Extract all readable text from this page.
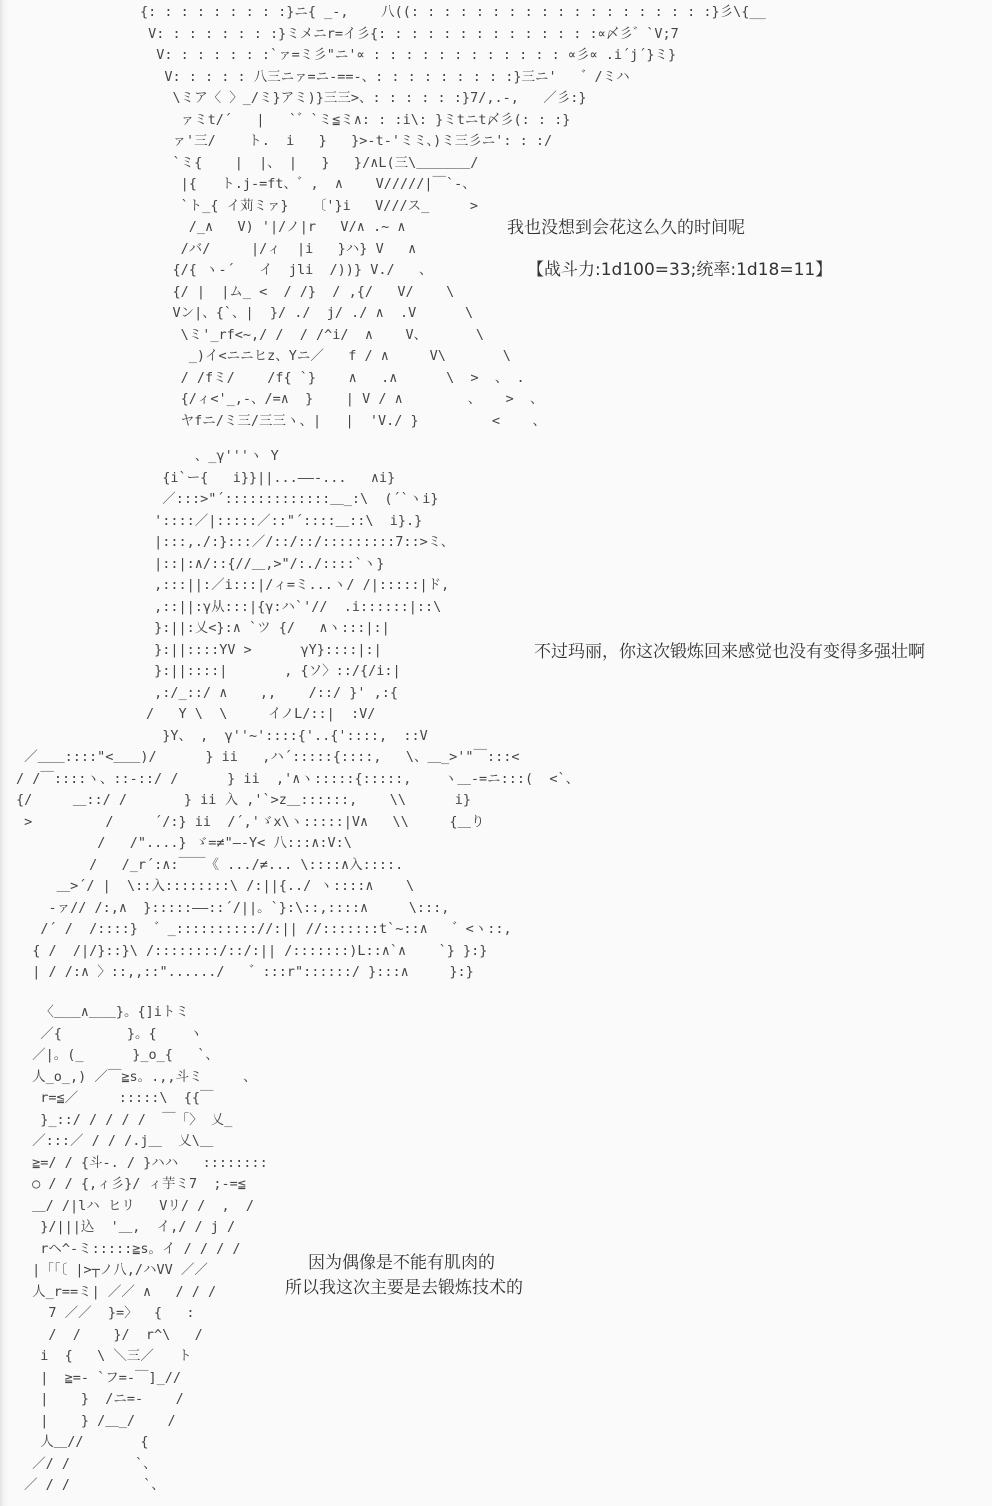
{: : : : : : : : :}ニ{ _-,    八((: : : : : : : : : : : : : : : : : : :}彡\{__
V: : : : : : : :}ミメニr=イ彡{: : : : : : : : : : : : : :∝〆彡゛`V;7
V: : : : : : :`ァ=ミ彡"ニ'∝ : : : : : : : : : : : : ∝彡∝ .i´j´}ミ}
V: : : : : 八三ニァ=ニ-==-、: : : : : : : : :}三ニ'   ゛/ミハ
\ミア〈 〉_/ミ}アミ)}三三>、: : : : : :}7/,.-,   ／彡:}
ァミt/´   |   `゛`ミ≦ミ∧: : :i\: }ミtニt〆彡(: : :}
ァ'三/    ト.  i   }   }>-t-'ミミ、)ミ三彡ニ': : :/
`ミ{    |  |、 |   }   }/∧L(三\＿＿＿＿/
|{   ト.j-=ft、゛,  ∧    V/////|￣`-、
`ト_{ イ苅ミァ}   〔'}i   V///ス_     >
/_∧   V) '|/ノ|r   V/∧ .~ ∧
/バ/     |/ィ  |i   }ハ} V   ∧
{/{ ヽ-´   イ  jli  /))} V./   、
{/ |  |ム_ <  / /}  / ,{/   V/    \
Vン|、{`、|  }/ ./  j/ ./ ∧  .V      \
\ミ'_rf<~,/ /  / /^i/  ∧    V、      \
_)イ<ニニヒz、Yニ／   f / ∧     V\       \
/ /fミ/    /f{ `}    ∧   .∧      \  >  、 .
{/ィ<'_,-、/=∧  }    | V / ∧        、   >  、
ヤfニ/ミ三/三三ヽ、|   |  'V./ }         <    、
、_γ'''ヽ Y
{i`ー{   i}}||...——‐...   ∧i}
／:::>"´:::::::::::::＿_:\  (´`ヽi}
'::::／|:::::／::"´::::＿::\  i}.}
|:::,./:}:::／/::/::/:::::::::7::>ミ、
|::|:∧/::{//＿,>"/:./::::`ヽ}
,:::||:／i:::|/ィ=ミ...ヽ/ /|:::::|ド,
,::||:γ从:::|{γ:ハ`'//  .i::::::|::\
}:||:乂<}:∧ `ツ {/   ∧ヽ:::|:|
}:||::::YV >      γY}::::|:|
}:||::::|       , {ソ〉::/{/i:|
,:/_::/ ∧    ,,    /::/ }' ,:{
/   Y \  \     イノL/::|  :V/
}Y、 ,  γ''~'::::{'..{'::::,  ::V
／＿＿::::"<＿＿)/      } ii   ,ハ´:::::{::::,   \、＿_>'"￣:::<
/ /￣::::ヽ、::-::/ /      } ii  ,'∧ヽ:::::{:::::,    ヽ＿-=ニ:::(  <`、
{/     ＿::/ /       } ii 入 ,'`>z＿::::::,    \\      i}
>         /     ´/:} ii  /´,'ゞx\ヽ:::::|V∧   \\     {＿り
/   /"....} ゞ=≠"―‐Y< 八:::∧:V:\
/   /_r´:∧:￣￣《 .../≠... \::::∧入::::.
＿>´/ |  \::入::::::::\ /:||{../ ヽ::::∧    \
‐ァ// /:,∧  }:::::——::´/||。`}:\::,::::∧     \:::,
/´ /  /::::}  ゛_:::::::::://:|| //:::::::t`~::∧   ゛<ヽ::,
{ /  /|/}::}\ /::::::::/::/:|| /:::::::)L::∧`∧    `} }:}
| / /:∧ 〉::,,::"....../   ゛:::r"::::::/ }:::∧     }:}
〈＿＿∧＿＿}。{]iトミ
／{        }。{    ヽ
／|。(_      }_o_{   `、
人_o_,) ／￣≧s。.,,斗ミ     、
r=≦／     :::::\  {{￣
}_::/ / / / /  ￣「〉 乂_
／:::／ / / /.j＿  乂\＿
≧=/ / {斗-. / }ハハ   ::::::::
○ / / {,ィ彡}/ ィ芋ミ7  ;-=≦
＿/ /|lハ ヒリ   Vリ/ /  ,  /
}/|||込  '＿,  イ,/ / j /
rヘ^-ミ:::::≧s。イ / / / /
|「「〔 |>┬ノ八,/ハVV ／／
人_r==ミ| ／／ ∧   / / /
7 ／／  }=〉  {   :
/  /    }/  r^\   /
i  {   \ ＼三／   ト
|  ≧=- `フ=‐￣]_//
|    }  /ニ=-    /
|    } /＿_/    /
人＿//       {
／/ /        `、
／ / /         `、
我也没想到会花这么久的时间呢
【战斗力:1d100=33;统率:1d18=11】
不过玛丽，你这次锻炼回来感觉也没有变得多强壮啊
因为偶像是不能有肌肉的
所以我这次主要是去锻炼技术的
